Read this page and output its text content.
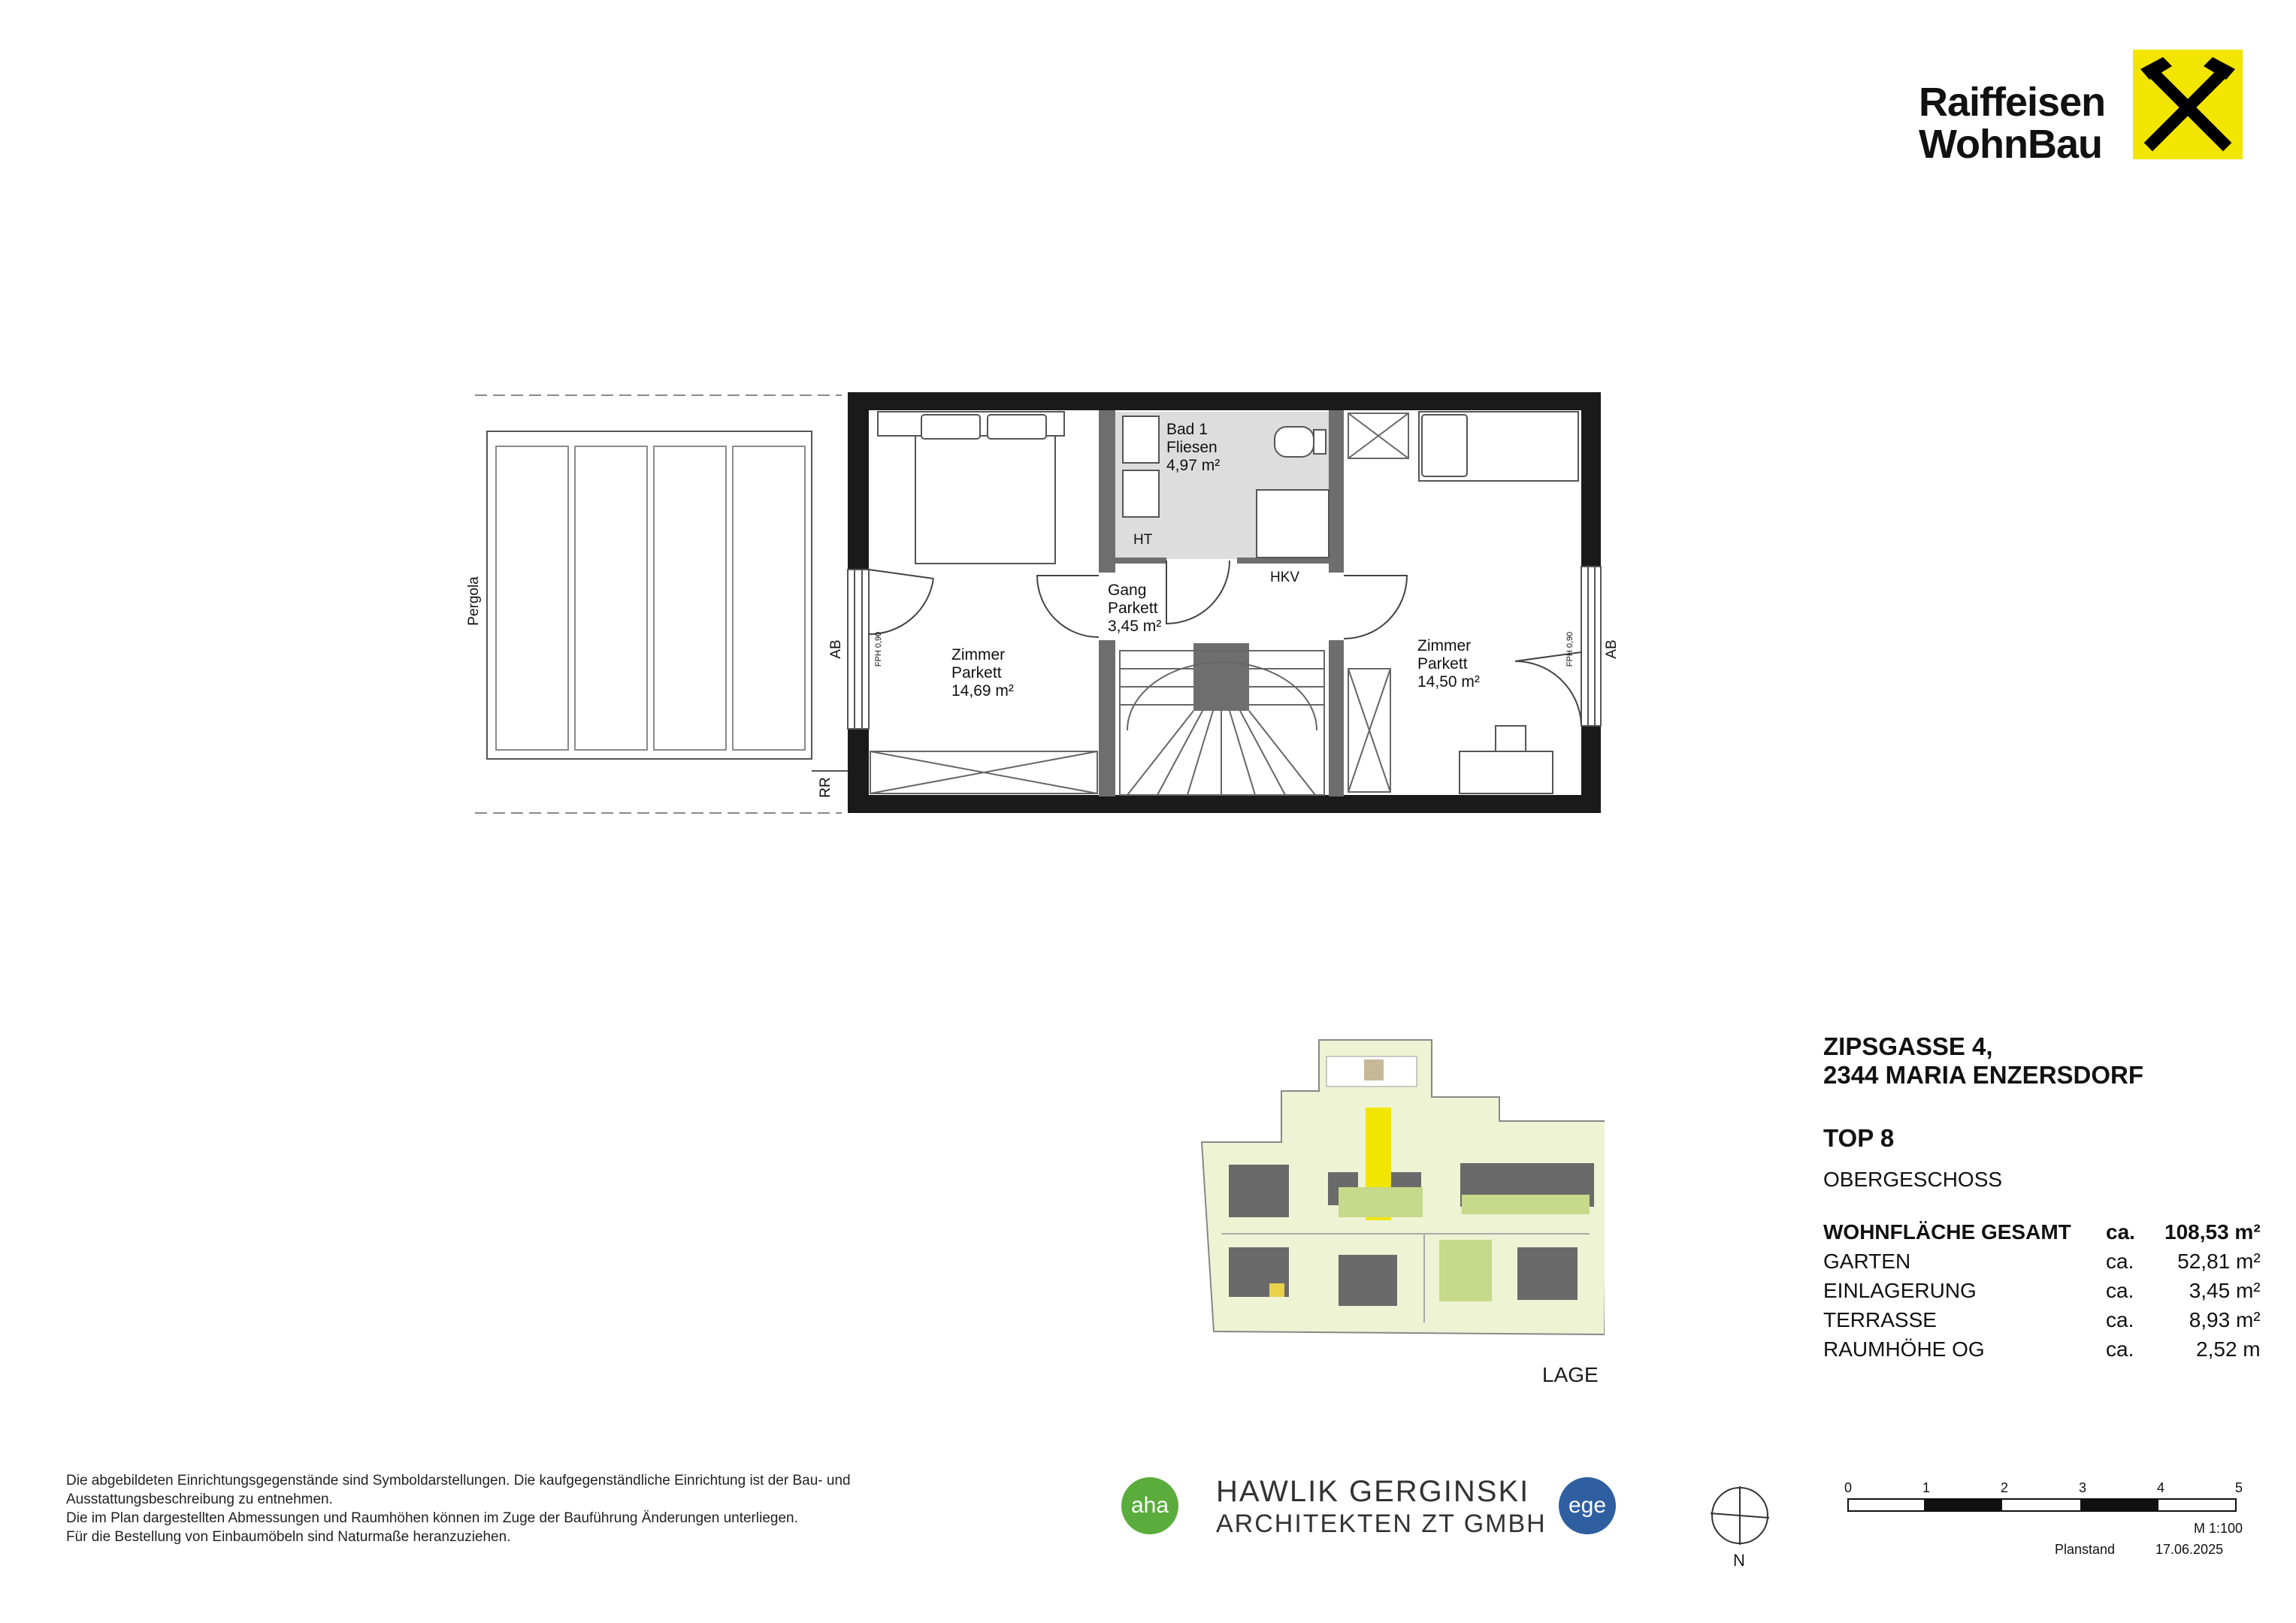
Raiffeisen
WohnBau
Pergola
Bad 1
Fliesen
4,97 m²
Gang
Parkett
3,45 m²
Zimmer
Parkett
14,69 m²
Zimmer
Parkett
14,50 m²
HT
HKV
AB	AB
RR
FPH 0,90	FPH 0,90
LAGE
ZIPSGASSE 4,
2344 MARIA ENZERSDORF
TOP 8
OBERGESCHOSS
WOHNFLÄCHE GESAMT	ca.	108,53 m²
GARTEN	ca.	52,81 m²
EINLAGERUNG	ca.	3,45 m²
TERRASSE	ca.	8,93 m²
RAUMHÖHE OG	ca.	2,52 m
Die abgebildeten Einrichtungsgegenstände sind Symboldarstellungen. Die kaufgegenständliche Einrichtung ist der Bau- und
Ausstattungsbeschreibung zu entnehmen.
Die im Plan dargestellten Abmessungen und Raumhöhen können im Zuge der Bauführung Änderungen unterliegen.
Für die Bestellung von Einbaumöbeln sind Naturmaße heranzuziehen.
aha	HAWLIK GERGINSKI
ARCHITEKTEN ZT GMBH
ege
N
0	1	2	3	4	5
M 1:100
Planstand	17.06.2025
